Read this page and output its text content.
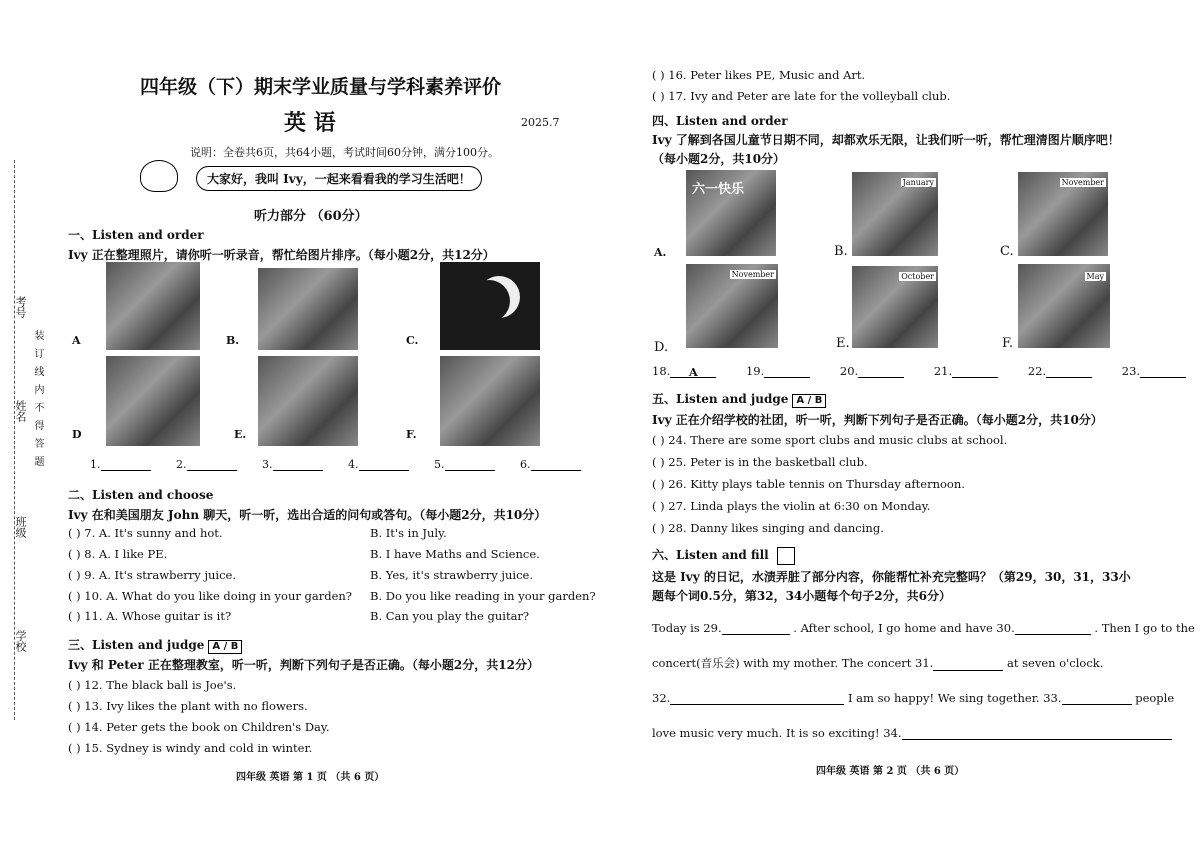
四年级（下）期末学业质量与学科素养评价
英 语	2025.7
说明：全卷共6页，共64小题，考试时间60分钟，满分100分。
大家好，我叫 Ivy，一起来看看我的学习生活吧！
听力部分 （60分）
一、Listen and order
Ivy 正在整理照片，请你听一听录音，帮忙给图片排序。（每小题2分，共12分）
A	B.	C.
D	E.	F.
1.	2.	3.	4.	5.	6.
二、Listen and choose
Ivy 在和美国朋友 John 聊天，听一听，选出合适的问句或答句。（每小题2分，共10分）
( ) 7. A. It's sunny and hot.	B. It's in July.
( ) 8. A. I like PE.	B. I have Maths and Science.
( ) 9. A. It's strawberry juice.	B. Yes, it's strawberry juice.
( ) 10. A. What do you like doing in your garden? B. Do you like reading in your garden?
( ) 11. A. Whose guitar is it?	B. Can you play the guitar?
三、Listen and judge A / B
Ivy 和 Peter 正在整理教室，听一听，判断下列句子是否正确。（每小题2分，共12分）
( ) 12. The black ball is Joe's.
( ) 13. Ivy likes the plant with no flowers.
( ) 14. Peter gets the book on Children's Day.
( ) 15. Sydney is windy and cold in winter.
四年级 英语 第 1 页 （共 6 页）
学校
班级
姓名
考号
装
订
线
内
不
得
答
题
( ) 16. Peter likes PE, Music and Art.
( ) 17. Ivy and Peter are late for the volleyball club.
四、Listen and order
Ivy 了解到各国儿童节日期不同，却都欢乐无限，让我们听一听，帮忙理清图片顺序吧！（每小题2分，共10分）
六一快乐	January	November
November	October	May
A.	B.	C.
D.	E.	F.
18. A	19.	20.	21.	22.	23.
五、Listen and judge A / B
Ivy 正在介绍学校的社团，听一听，判断下列句子是否正确。（每小题2分，共10分）
( ) 24. There are some sport clubs and music clubs at school.
( ) 25. Peter is in the basketball club.
( ) 26. Kitty plays table tennis on Thursday afternoon.
( ) 27. Linda plays the violin at 6:30 on Monday.
( ) 28. Danny likes singing and dancing.
六、Listen and fill
这是 Ivy 的日记，水渍弄脏了部分内容，你能帮忙补充完整吗？（第29，30，31，33小题每个词0.5分，第32，34小题每个句子2分，共6分）
Today is 29.	. After school, I go home and have 30.	. Then I go to the
concert(音乐会) with my mother. The concert 31.	at seven o'clock.
32.	I am so happy! We sing together. 33.	people
love music very much. It is so exciting! 34.
四年级 英语 第 2 页 （共 6 页）
